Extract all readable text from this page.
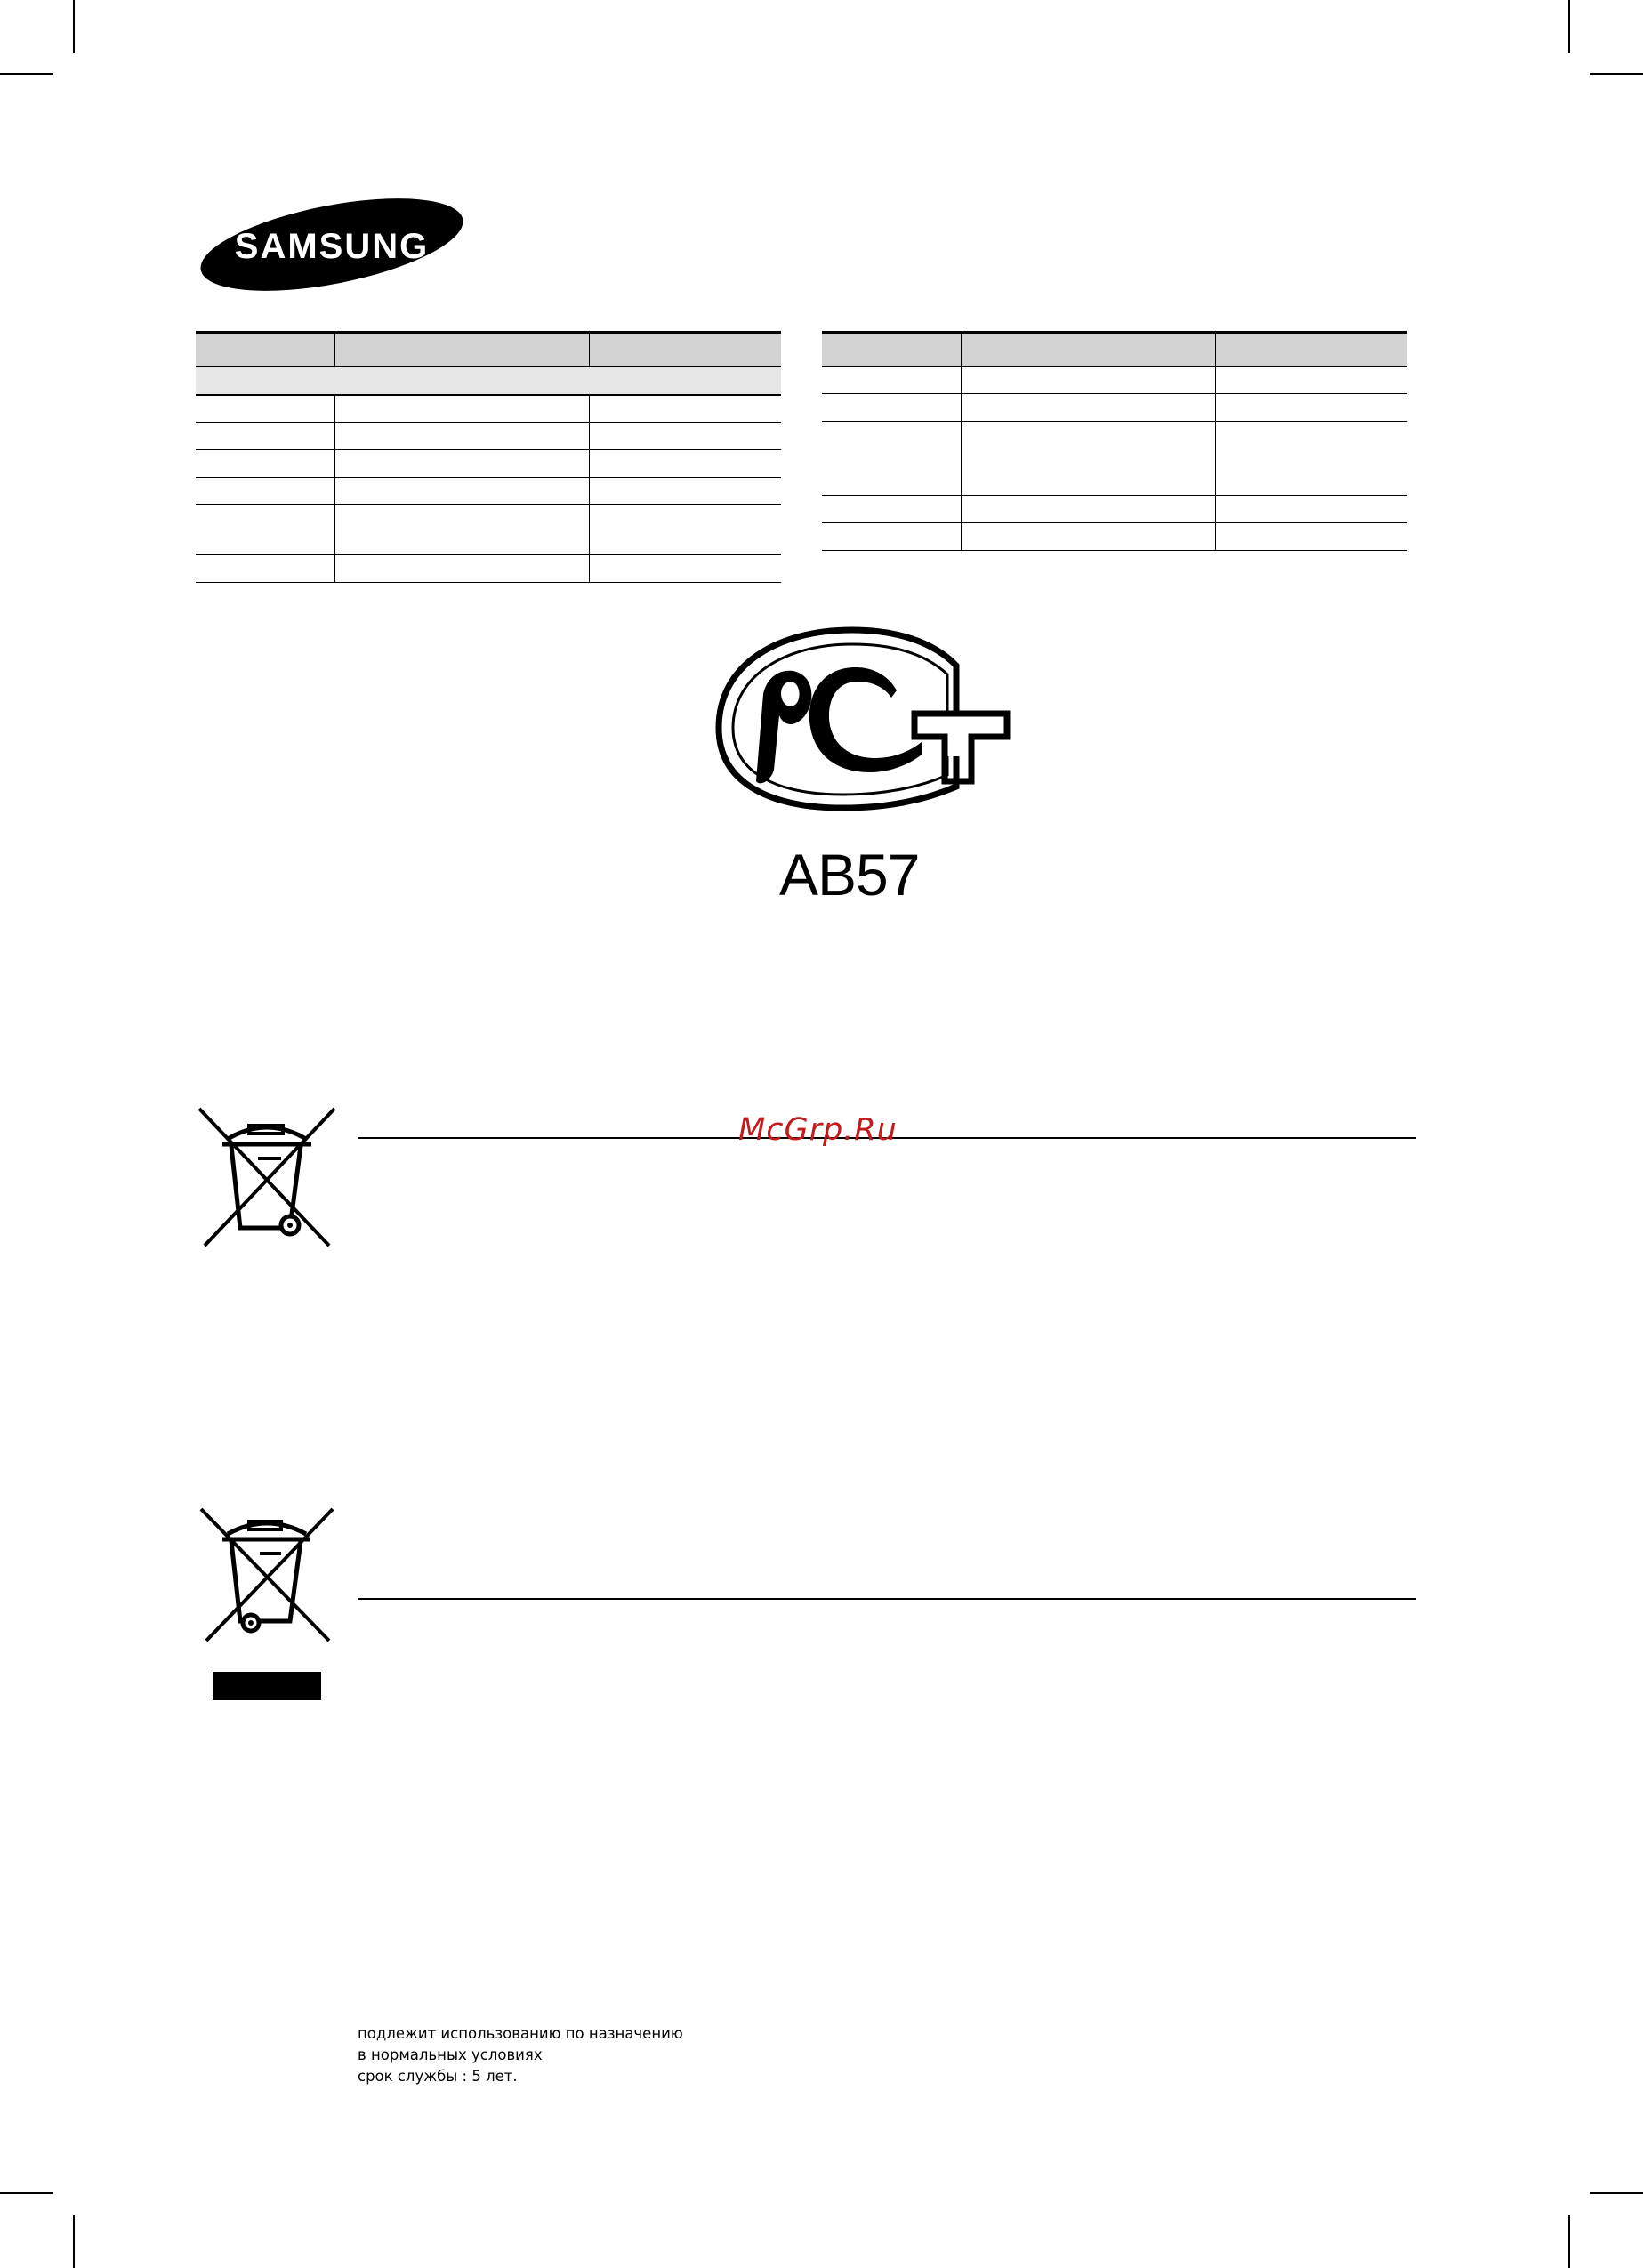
SAMSUNG

РСТ
AB57
McGrp.Ru
подлежит использованию по назначению
в нормальных условиях
срок службы : 5 лет.
